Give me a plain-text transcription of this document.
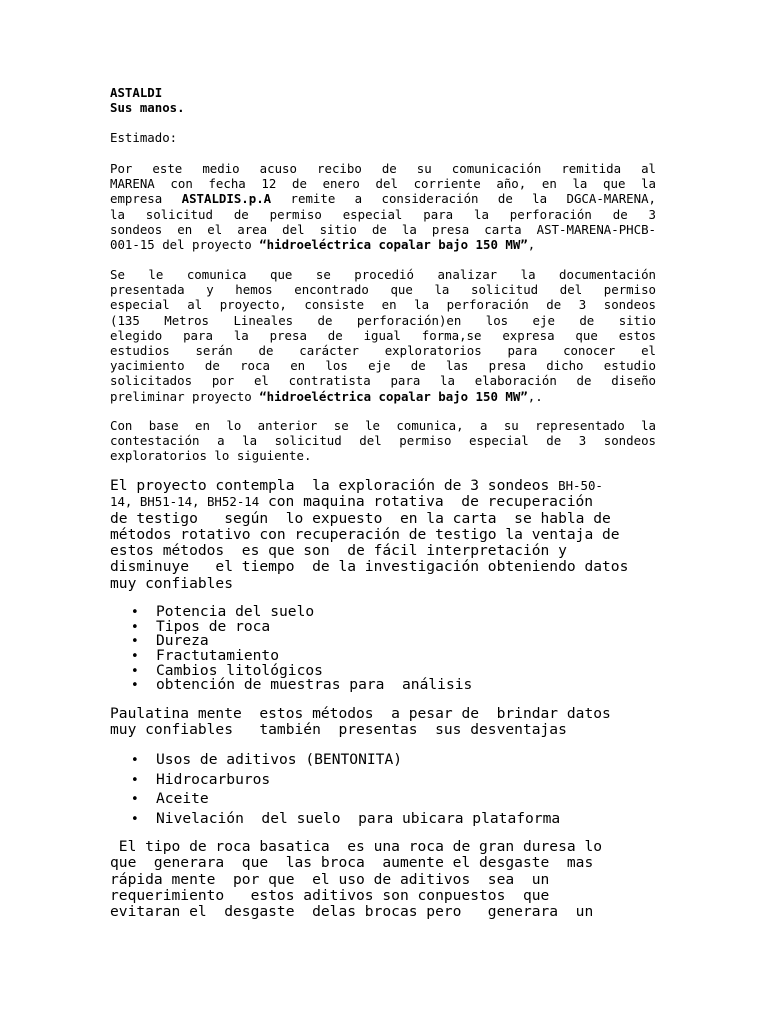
ASTALDI
Sus manos.
Estimado:
Por este medio acuso recibo de su comunicación remitida al
MARENA con fecha 12 de enero del corriente año, en la que la
empresa ASTALDIS.p.A remite a consideración de la DGCA-MARENA,
la solicitud de permiso especial para la perforación de 3
sondeos en el area del sitio de la presa carta AST-MARENA-PHCB-
001-15 del proyecto “hidroeléctrica copalar bajo 150 MW”,
Se le comunica que se procedió analizar la documentación
presentada y hemos encontrado que la solicitud del permiso
especial al proyecto, consiste en la perforación de 3 sondeos
(135 Metros Lineales de perforación)en los eje de sitio
elegido para la presa de igual forma,se expresa que estos
estudios serán de carácter exploratorios para conocer el
yacimiento de roca en los eje de las presa dicho estudio
solicitados por el contratista para la elaboración de diseño
preliminar proyecto “hidroeléctrica copalar bajo 150 MW”,.
Con base en lo anterior se le comunica, a su representado la
contestación a la solicitud del permiso especial de 3 sondeos
exploratorios lo siguiente.
El proyecto contempla  la exploración de 3 sondeos BH-50-
14, BH51-14, BH52-14 con maquina rotativa  de recuperación
de testigo   según  lo expuesto  en la carta  se habla de
métodos rotativo con recuperación de testigo la ventaja de
estos métodos  es que son  de fácil interpretación y
disminuye   el tiempo  de la investigación obteniendo datos
muy confiables
• Potencia del suelo
• Tipos de roca
• Dureza
• Fractutamiento
• Cambios litológicos
• obtención de muestras para  análisis
Paulatina mente  estos métodos  a pesar de  brindar datos
muy confiables   también  presentas  sus desventajas
• Usos de aditivos (BENTONITA)
• Hidrocarburos
• Aceite
• Nivelación  del suelo  para ubicara plataforma
El tipo de roca basatica  es una roca de gran duresa lo
que  generara  que  las broca  aumente el desgaste  mas
rápida mente  por que  el uso de aditivos  sea  un
requerimiento   estos aditivos son conpuestos  que
evitaran el  desgaste  delas brocas pero   generara  un
